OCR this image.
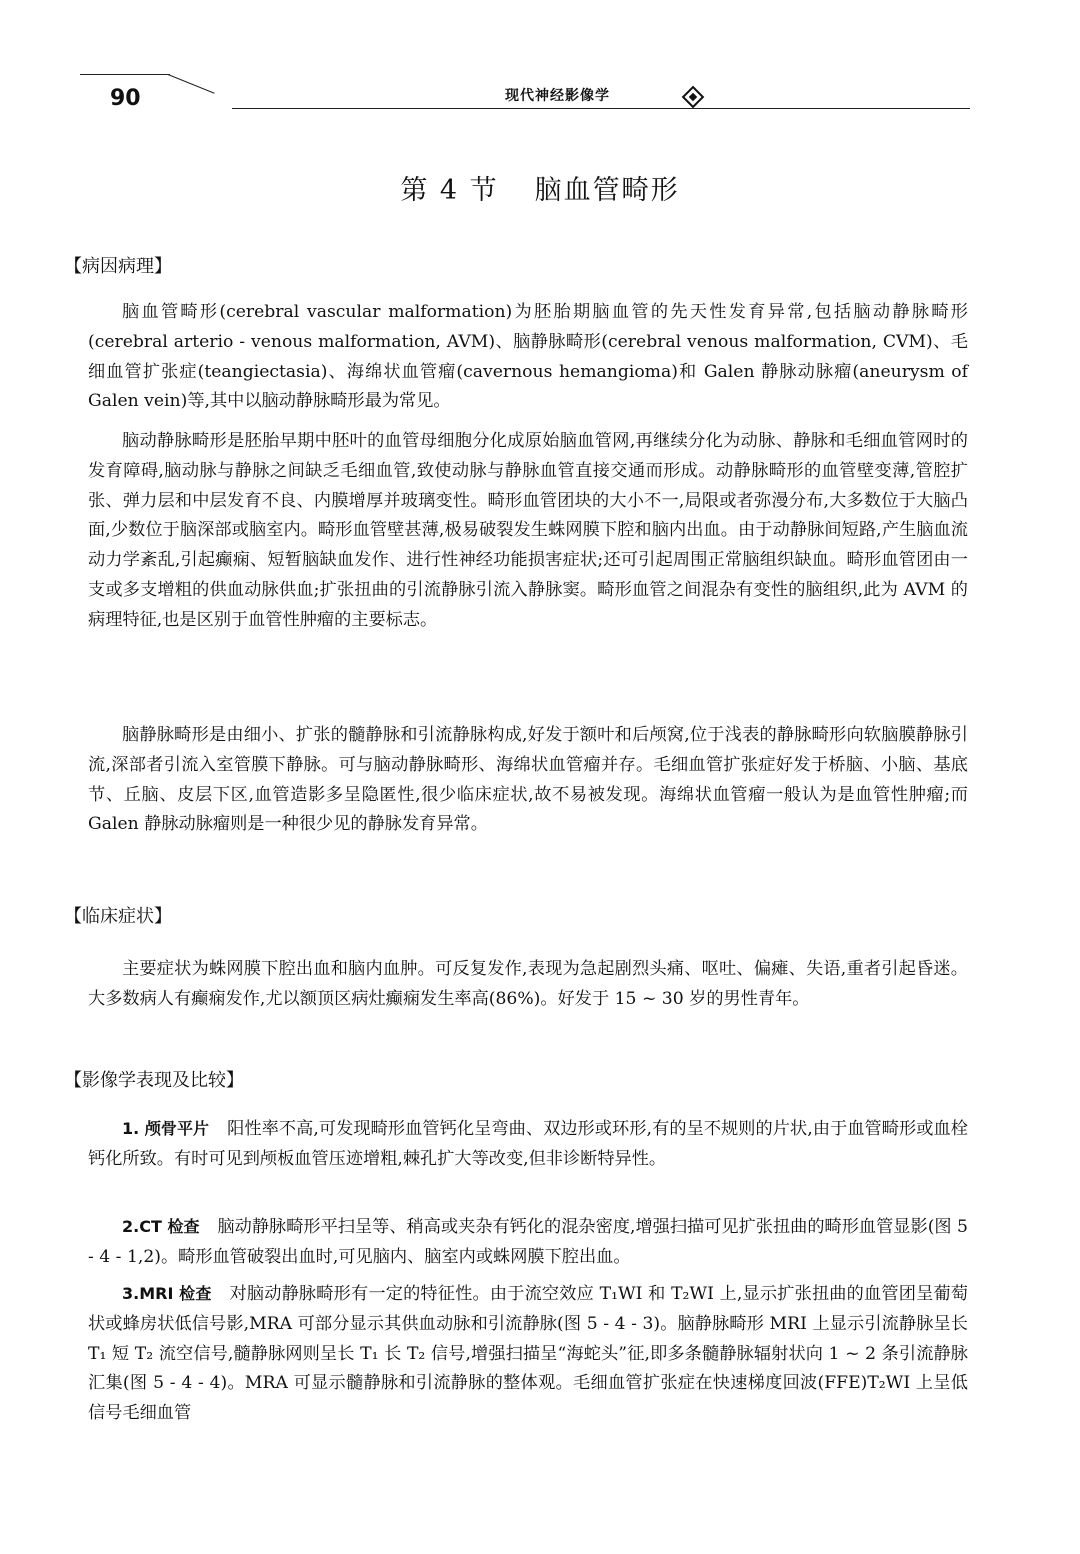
90	现代神经影像学
第 4 节 脑血管畸形
【病因病理】

脑血管畸形(cerebral vascular malformation)为胚胎期脑血管的先天性发育异常,包括脑动静脉畸形 (cerebral arterio - venous malformation, AVM)、脑静脉畸形(cerebral venous malformation, CVM)、毛细血管扩张症(teangiectasia)、海绵状血管瘤(cavernous hemangioma)和 Galen 静脉动脉瘤(aneurysm of Galen vein)等,其中以脑动静脉畸形最为常见。

脑动静脉畸形是胚胎早期中胚叶的血管母细胞分化成原始脑血管网,再继续分化为动脉、静脉和毛细血管网时的发育障碍,脑动脉与静脉之间缺乏毛细血管,致使动脉与静脉血管直接交通而形成。动静脉畸形的血管壁变薄,管腔扩张、弹力层和中层发育不良、内膜增厚并玻璃变性。畸形血管团块的大小不一,局限或者弥漫分布,大多数位于大脑凸面,少数位于脑深部或脑室内。畸形血管壁甚薄,极易破裂发生蛛网膜下腔和脑内出血。由于动静脉间短路,产生脑血流动力学紊乱,引起癫痫、短暂脑缺血发作、进行性神经功能损害症状;还可引起周围正常脑组织缺血。畸形血管团由一支或多支增粗的供血动脉供血;扩张扭曲的引流静脉引流入静脉窦。畸形血管之间混杂有变性的脑组织,此为 AVM 的病理特征,也是区别于血管性肿瘤的主要标志。

脑静脉畸形是由细小、扩张的髓静脉和引流静脉构成,好发于额叶和后颅窝,位于浅表的静脉畸形向软脑膜静脉引流,深部者引流入室管膜下静脉。可与脑动静脉畸形、海绵状血管瘤并存。毛细血管扩张症好发于桥脑、小脑、基底节、丘脑、皮层下区,血管造影多呈隐匿性,很少临床症状,故不易被发现。海绵状血管瘤一般认为是血管性肿瘤;而 Galen 静脉动脉瘤则是一种很少见的静脉发育异常。

【临床症状】

主要症状为蛛网膜下腔出血和脑内血肿。可反复发作,表现为急起剧烈头痛、呕吐、偏瘫、失语,重者引起昏迷。大多数病人有癫痫发作,尤以额顶区病灶癫痫发生率高(86%)。好发于 15 ~ 30 岁的男性青年。

【影像学表现及比较】

1. 颅骨平片 阳性率不高,可发现畸形血管钙化呈弯曲、双边形或环形,有的呈不规则的片状,由于血管畸形或血栓钙化所致。有时可见到颅板血管压迹增粗,棘孔扩大等改变,但非诊断特异性。

2.CT 检查 脑动静脉畸形平扫呈等、稍高或夹杂有钙化的混杂密度,增强扫描可见扩张扭曲的畸形血管显影(图 5 - 4 - 1,2)。畸形血管破裂出血时,可见脑内、脑室内或蛛网膜下腔出血。

3.MRI 检查 对脑动静脉畸形有一定的特征性。由于流空效应 T₁WI 和 T₂WI 上,显示扩张扭曲的血管团呈葡萄状或蜂房状低信号影,MRA 可部分显示其供血动脉和引流静脉(图 5 - 4 - 3)。脑静脉畸形 MRI 上显示引流静脉呈长 T₁ 短 T₂ 流空信号,髓静脉网则呈长 T₁ 长 T₂ 信号,增强扫描呈“海蛇头”征,即多条髓静脉辐射状向 1 ~ 2 条引流静脉汇集(图 5 - 4 - 4)。MRA 可显示髓静脉和引流静脉的整体观。毛细血管扩张症在快速梯度回波(FFE)T₂WI 上呈低信号毛细血管
